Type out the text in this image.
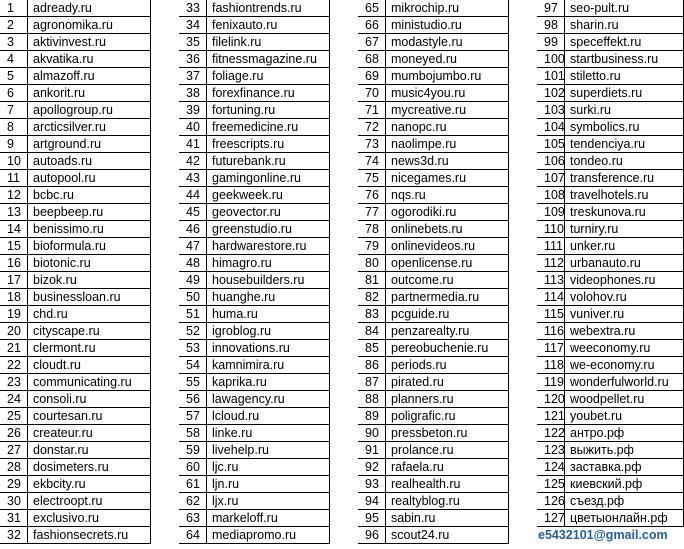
1	adready.ru
2	agronomika.ru
3	aktivinvest.ru
4	akvatika.ru
5	almazoff.ru
6	ankorit.ru
7	apollogroup.ru
8	arcticsilver.ru
9	artground.ru
10 autoads.ru
11	autopool.ru
12 bcbc.ru
13 beepbeep.ru
14 benissimo.ru
15 bioformula.ru
16 biotonic.ru
17 bizok.ru
18 businessloan.ru
19 chd.ru
20 cityscape.ru
21 clermont.ru
22 cloudt.ru
23 communicating.ru
24 consoli.ru
25 courtesan.ru
26 createur.ru
27 donstar.ru
28 dosimeters.ru
29 ekbcity.ru
30 electroopt.ru
31 exclusivo.ru
32 fashionsecrets.ru
33 fashiontrends.ru
34 fenixauto.ru
35 filelink.ru
36 fitnessmagazine.ru
37 foliage.ru
38 forexfinance.ru
39 fortuning.ru
40 freemedicine.ru
41 freescripts.ru
42 futurebank.ru
43 gamingonline.ru
44 geekweek.ru
45 geovector.ru
46 greenstudio.ru
47 hardwarestore.ru
48 himagro.ru
49 housebuilders.ru
50 huanghe.ru
51 huma.ru
52 igroblog.ru
53 innovations.ru
54 kamnimira.ru
55 kaprika.ru
56 lawagency.ru
57 lcloud.ru
58 linke.ru
59 livehelp.ru
60 ljc.ru
61 ljn.ru
62 ljx.ru
63 markeloff.ru
64 mediapromo.ru
65 mikrochip.ru
66 ministudio.ru
67 modastyle.ru
68 moneyed.ru
69 mumbojumbo.ru
70 music4you.ru
71 mycreative.ru
72 nanopc.ru
73 naolimpe.ru
74 news3d.ru
75 nicegames.ru
76 nqs.ru
77 ogorodiki.ru
78 onlinebets.ru
79 onlinevideos.ru
80 openlicense.ru
81 outcome.ru
82 partnermedia.ru
83 pcguide.ru
84 penzarealty.ru
85 pereobuchenie.ru
86 periods.ru
87 pirated.ru
88 planners.ru
89 poligrafic.ru
90 pressbeton.ru
91 prolance.ru
92 rafaela.ru
93 realhealth.ru
94 realtyblog.ru
95 sabin.ru
96 scout24.ru
97 seo-pult.ru
98 sharin.ru
99 speceffekt.ru
100 startbusiness.ru
101 stiletto.ru
102 superdiets.ru
103 surki.ru
104 symbolics.ru
105 tendenciya.ru
106 tondeo.ru
107 transference.ru
108 travelhotels.ru
109 treskunova.ru
110 turniry.ru
111 unker.ru
112 urbanauto.ru
113 videophones.ru
114 volohov.ru
115 vuniver.ru
116 webextra.ru
117 weeconomy.ru
118 we-economy.ru
119 wonderfulworld.ru
120 woodpellet.ru
121 youbet.ru
122 антро.рф
123 выжить.рф
124 заставка.рф
125 киевский.рф
126 съезд.рф
127 цветыонлайн.рф
e5432101@gmail.com
